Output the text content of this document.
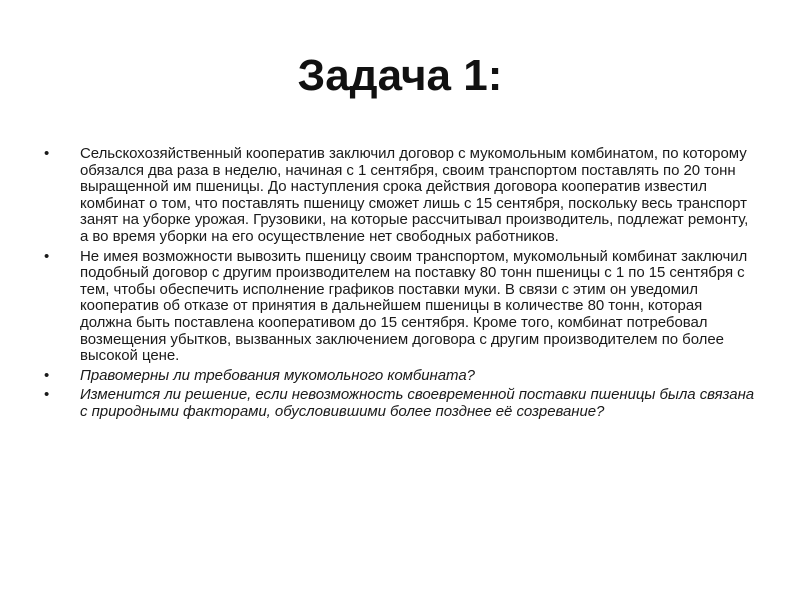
Задача 1:
•	Сельскохозяйственный кооператив заключил договор с мукомольным комбинатом, по которому обязался два раза в неделю, начиная с 1 сентября, своим транспортом поставлять по 20 тонн выращенной им пшеницы. До наступления срока действия договора кооператив известил комбинат о том, что поставлять пшеницу сможет лишь с 15 сентября, поскольку весь транспорт занят на уборке урожая. Грузовики, на которые рассчитывал производитель, подлежат ремонту, а во время уборки на его осуществление нет свободных работников.
•	Не имея возможности вывозить пшеницу своим транспортом, мукомольный комбинат заключил подобный договор с другим производителем на поставку 80 тонн пшеницы с 1 по 15 сентября с тем, чтобы обеспечить исполнение графиков поставки муки. В связи с этим он уведомил кооператив об отказе от принятия в дальнейшем пшеницы в количестве 80 тонн, которая должна быть поставлена кооперативом до 15 сентября. Кроме того, комбинат потребовал возмещения убытков, вызванных заключением договора с другим производителем по более высокой цене.
•	Правомерны ли требования мукомольного комбината?
•	Изменится ли решение, если невозможность своевременной поставки пшеницы была связана с природными факторами, обусловившими более позднее её созревание?
